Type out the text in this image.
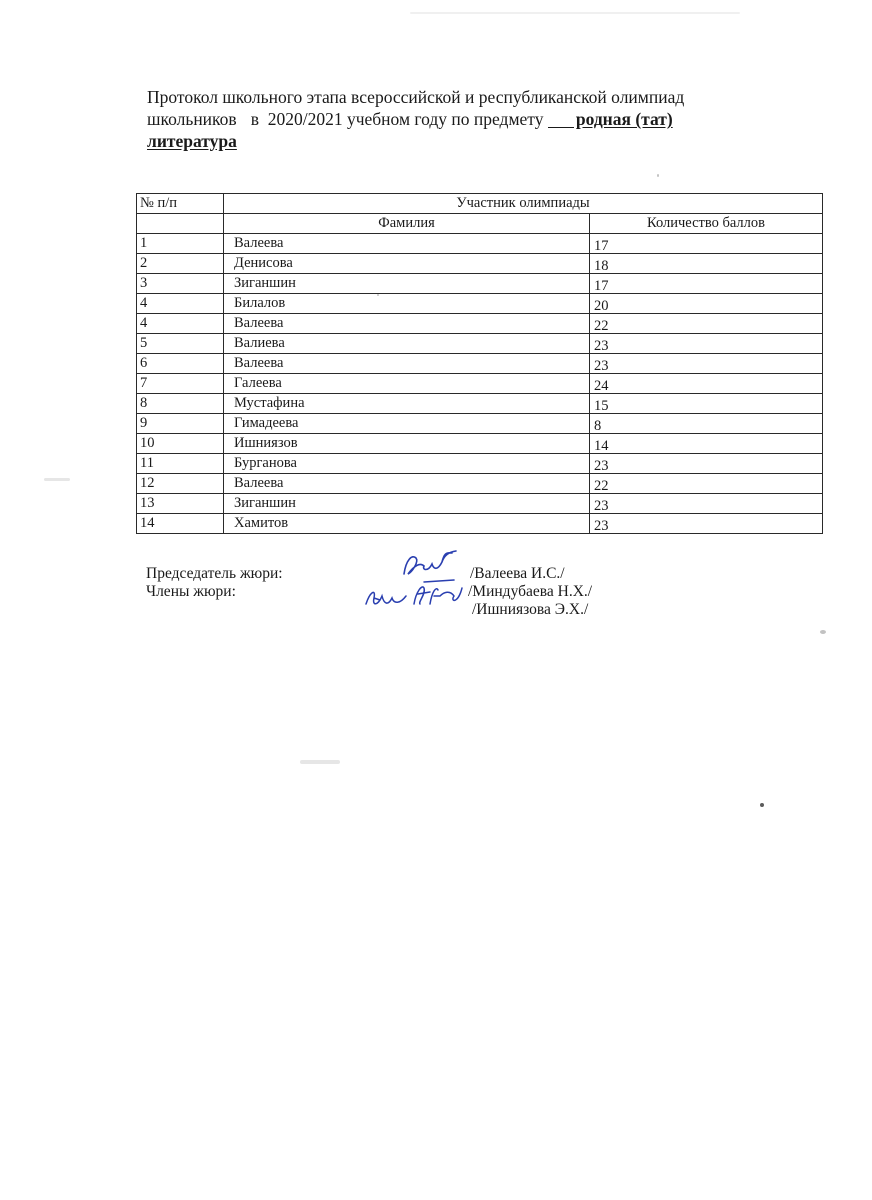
Протокол школьного этапа всероссийской и республиканской олимпиад
школьников в 2020/2021 учебном году по предмету родная (тат)
литература
№ п/п	Участник олимпиады	
	Фамилия	Количество баллов
1	Валеева	17
2	Денисова	18
3	Зиганшин	17
4	Билалов	20
4	Валеева	22
5	Валиева	23
6	Валеева	23
7	Галеева	24
8	Мустафина	15
9	Гимадеева	8
10	Ишниязов	14
11	Бурганова	23
12	Валеева	22
13	Зиганшин	23
14	Хамитов	23
Председатель жюри:	/Валеева И.С./
Члены жюри:	/Миндубаева Н.Х./
/Ишниязова Э.Х./
